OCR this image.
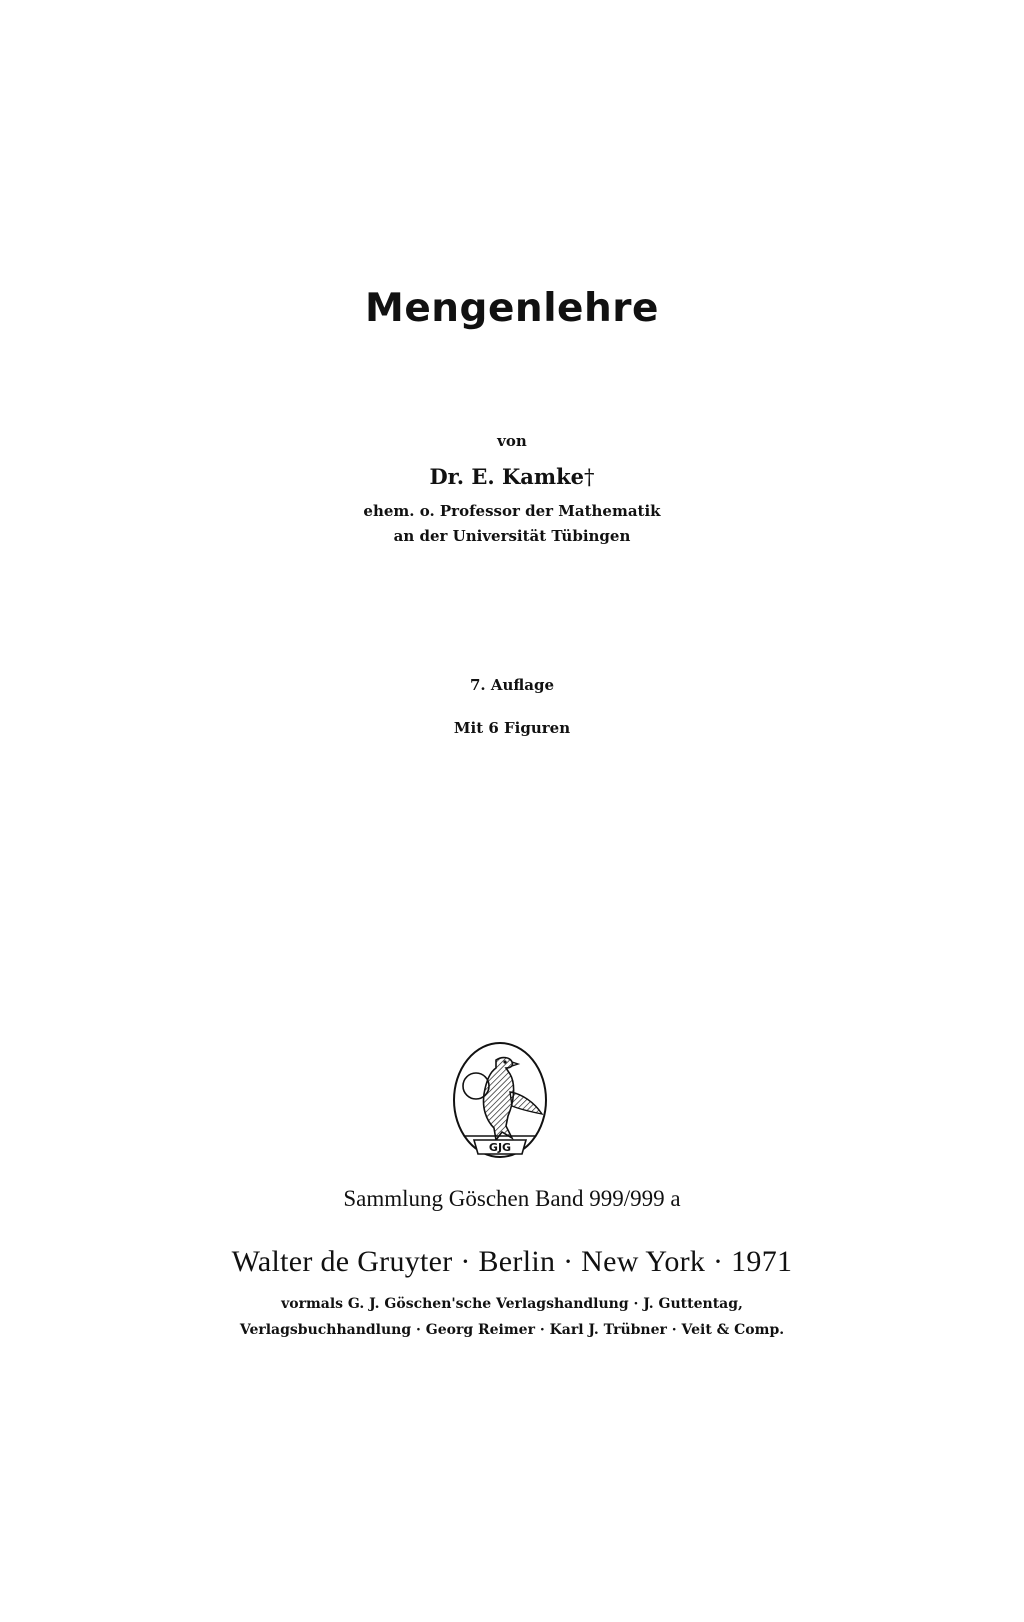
Mengenlehre
von
Dr. E. Kamke†
ehem. o. Professor der Mathematik
an der Universität Tübingen
7. Auflage
Mit 6 Figuren
GJG
Sammlung Göschen Band 999/999 a
Walter de Gruyter · Berlin · New York · 1971
vormals G. J. Göschen'sche Verlagshandlung · J. Guttentag,
Verlagsbuchhandlung · Georg Reimer · Karl J. Trübner · Veit & Comp.
